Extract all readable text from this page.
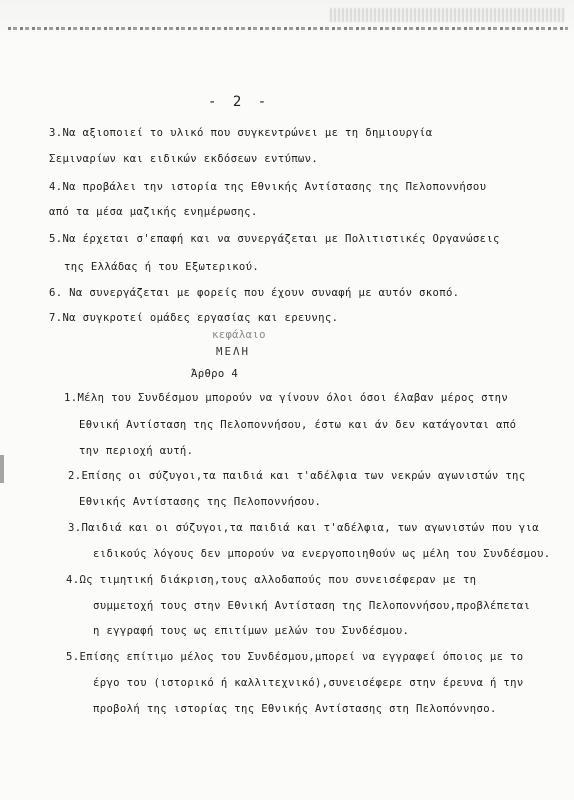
- 2 -
3.Να αξιοποιεί το υλικό που συγκεντρώνει με τη δημιουργία
Σεμιναρίων και ειδικών εκδόσεων εντύπων.
4.Να προβάλει την ιστορία της Εθνικής Αντίστασης της Πελοποννήσου
από τα μέσα μαζικής ενημέρωσης.
5.Να έρχεται σ'επαφή και να συνεργάζεται με Πολιτιστικές Οργανώσεις
της Ελλάδας ή του Εξωτερικού.
6. Να συνεργάζεται με φορείς που έχουν συναφή με αυτόν σκοπό.
7.Να συγκροτεί ομάδες εργασίας και ερευνης.
κεφάλαιο
ΜΕΛΗ
Άρθρο 4
1.Μέλη του Συνδέσμου μπορούν να γίνουν όλοι όσοι έλαβαν μέρος στην
Εθνική Αντίσταση της Πελοποννήσου, έστω και άν δεν κατάγονται από
την περιοχή αυτή.
2.Επίσης οι σύζυγοι,τα παιδιά και τ'αδέλφια των νεκρών αγωνιστών της
Εθνικής Αντίστασης της Πελοποννήσου.
3.Παιδιά και οι σύζυγοι,τα παιδιά και τ'αδέλφια, των αγωνιστών που για
ειδικούς λόγους δεν μπορούν να ενεργοποιηθούν ως μέλη του Συνδέσμου.
4.Ως τιμητική διάκριση,τους αλλοδαπούς που συνεισέφεραν με τη
συμμετοχή τους στην Εθνική Αντίσταση της Πελοποννήσου,προβλέπεται
η εγγραφή τους ως επιτίμων μελών του Συνδέσμου.
5.Επίσης επίτιμο μέλος του Συνδέσμου,μπορεί να εγγραφεί όποιος με το
έργο του (ιστορικό ή καλλιτεχνικό),συνεισέφερε στην έρευνα ή την
προβολή της ιστορίας της Εθνικής Αντίστασης στη Πελοπόννησο.
